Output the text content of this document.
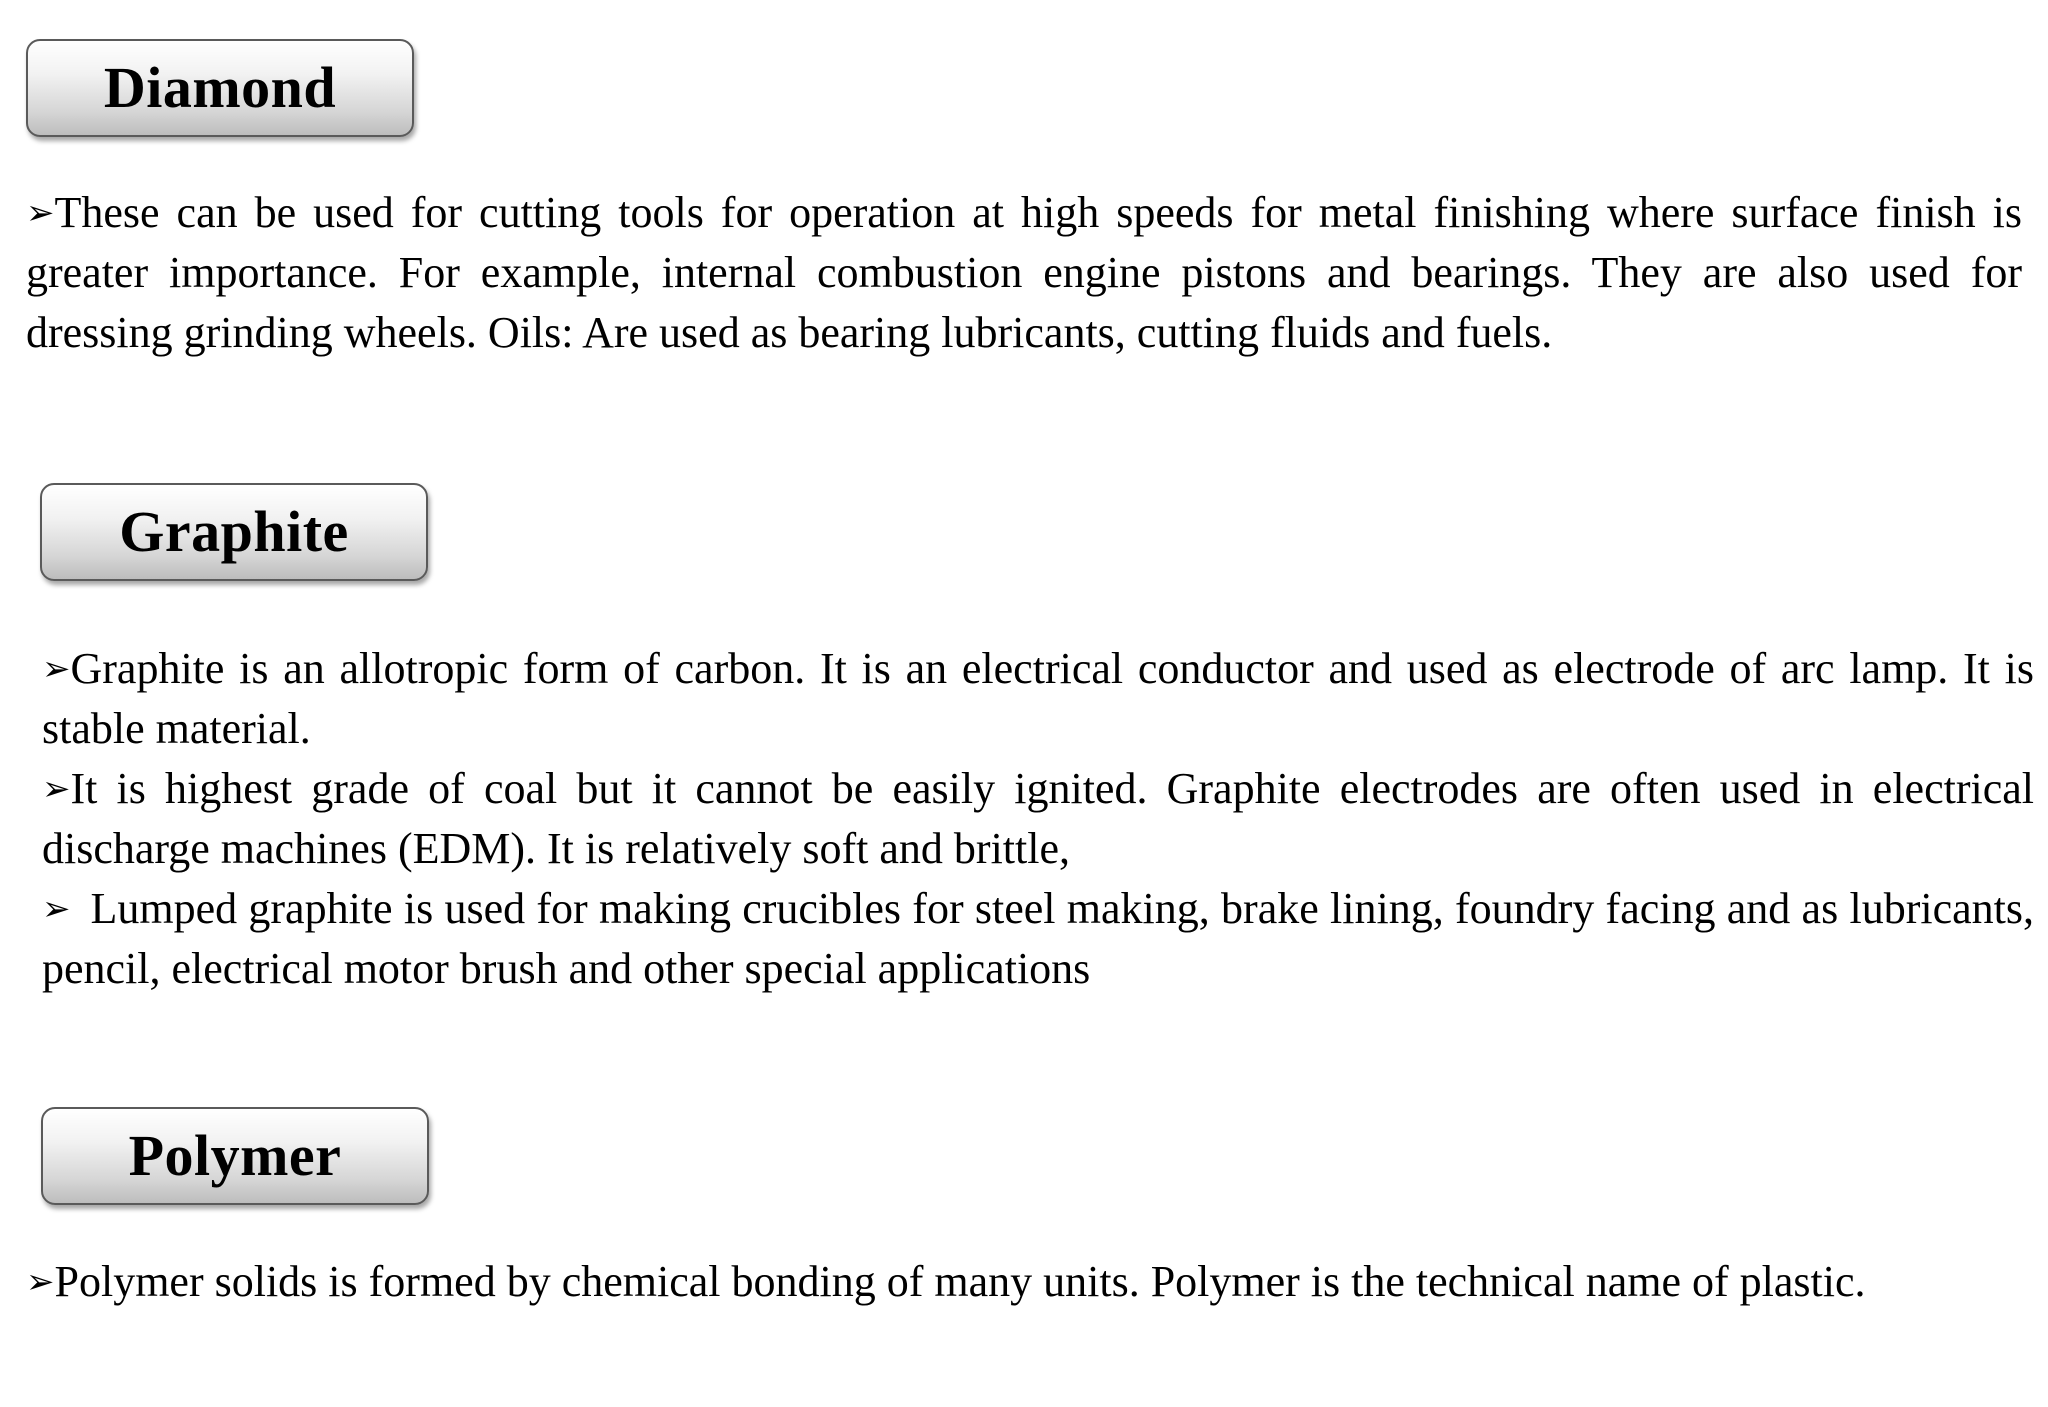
Diamond

➢These can be used for cutting tools for operation at high speeds for metal finishing where surface finish is greater importance. For example, internal combustion engine pistons and bearings. They are also used for dressing grinding wheels. Oils: Are used as bearing lubricants, cutting fluids and fuels.

Graphite

➢Graphite is an allotropic form of carbon. It is an electrical conductor and used as electrode of arc lamp. It is stable material.

➢It is highest grade of coal but it cannot be easily ignited. Graphite electrodes are often used in electrical discharge machines (EDM). It is relatively soft and brittle,

➢ Lumped graphite is used for making crucibles for steel making, brake lining, foundry facing and as lubricants, pencil, electrical motor brush and other special applications

Polymer

➢Polymer solids is formed by chemical bonding of many units. Polymer is the technical name of plastic.
